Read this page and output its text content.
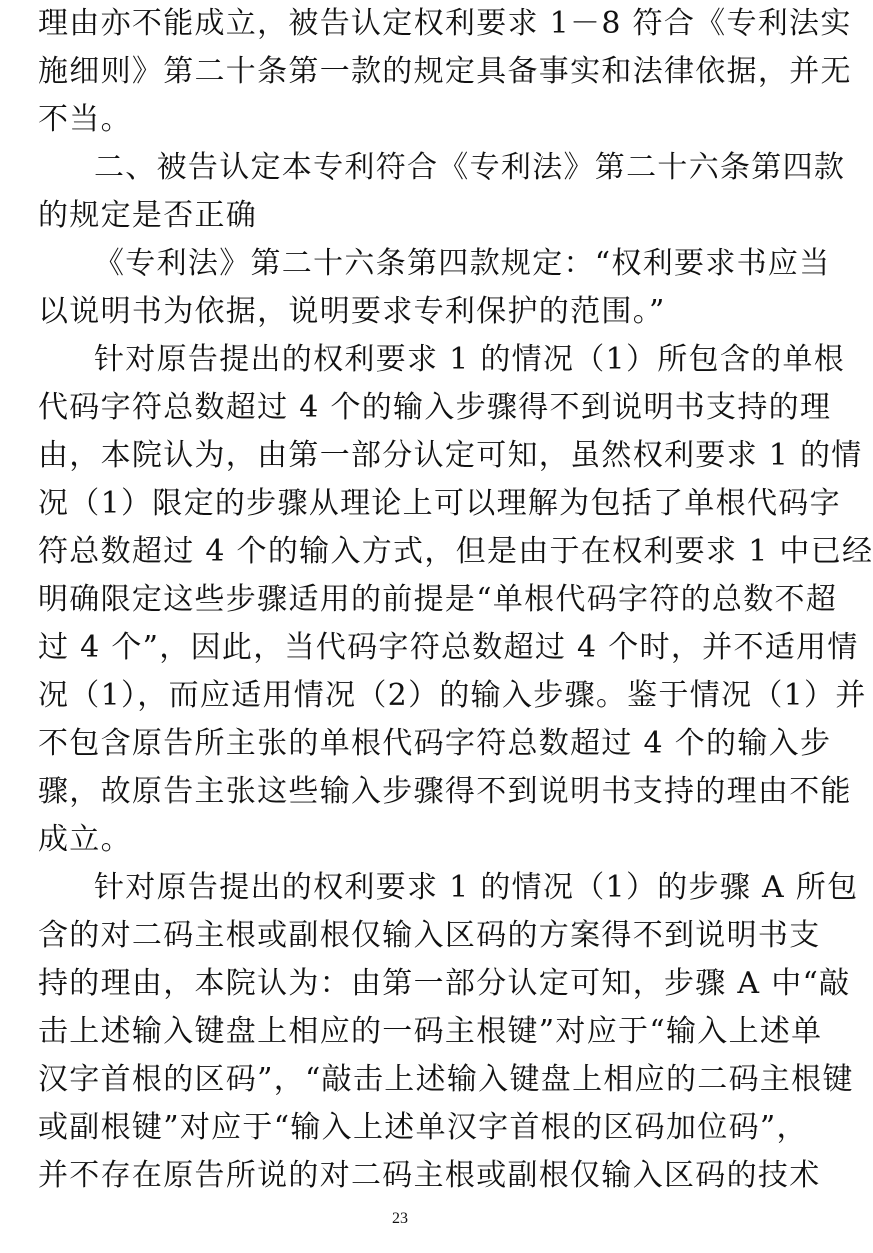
理由亦不能成立，被告认定权利要求 1－8 符合《专利法实
施细则》第二十条第一款的规定具备事实和法律依据，并无
不当。
二、被告认定本专利符合《专利法》第二十六条第四款
的规定是否正确
《专利法》第二十六条第四款规定：“权利要求书应当
以说明书为依据，说明要求专利保护的范围。”
针对原告提出的权利要求 1 的情况（1）所包含的单根
代码字符总数超过 4 个的输入步骤得不到说明书支持的理
由，本院认为，由第一部分认定可知，虽然权利要求 1 的情
况（1）限定的步骤从理论上可以理解为包括了单根代码字
符总数超过 4 个的输入方式，但是由于在权利要求 1 中已经
明确限定这些步骤适用的前提是“单根代码字符的总数不超
过 4 个”，因此，当代码字符总数超过 4 个时，并不适用情
况（1），而应适用情况（2）的输入步骤。鉴于情况（1）并
不包含原告所主张的单根代码字符总数超过 4 个的输入步
骤，故原告主张这些输入步骤得不到说明书支持的理由不能
成立。
针对原告提出的权利要求 1 的情况（1）的步骤 A 所包
含的对二码主根或副根仅输入区码的方案得不到说明书支
持的理由，本院认为：由第一部分认定可知，步骤 A 中“敲
击上述输入键盘上相应的一码主根键”对应于“输入上述单
汉字首根的区码”，“敲击上述输入键盘上相应的二码主根键
或副根键”对应于“输入上述单汉字首根的区码加位码”，
并不存在原告所说的对二码主根或副根仅输入区码的技术
23
